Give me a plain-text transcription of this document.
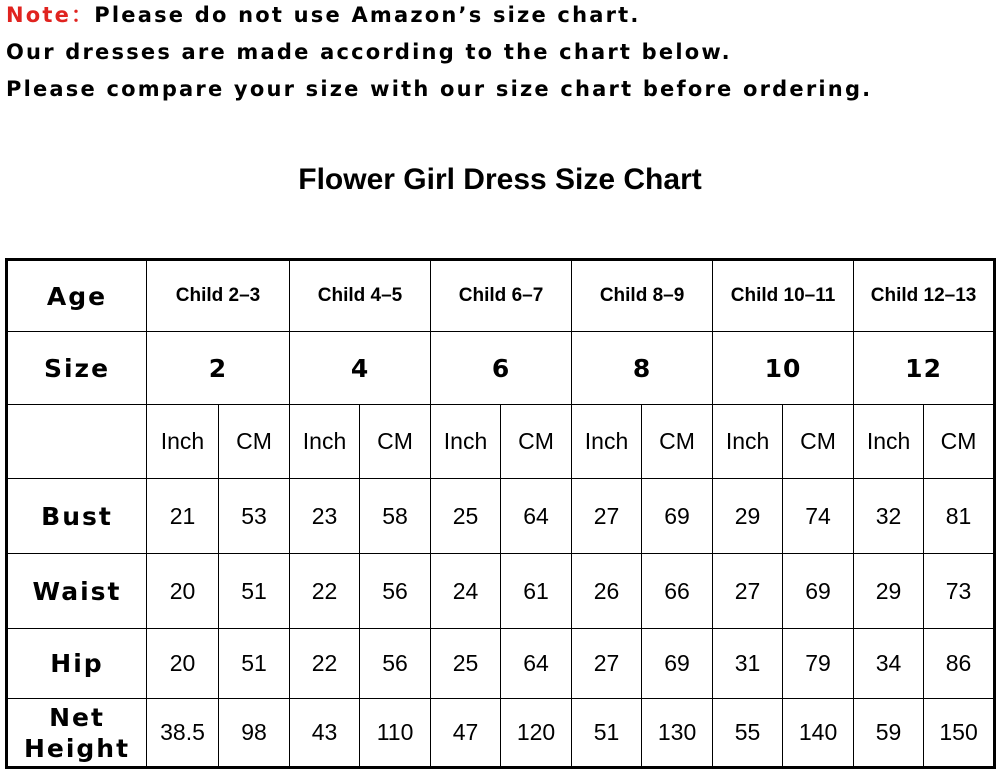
Note：Please do not use Amazon’s size chart.
Our dresses are made according to the chart below.
Please compare your size with our size chart before ordering.
Flower Girl Dress Size Chart
Age	Child 2–3		Child 4–5		Child 6–7		Child 8–9		Child 10–11		Child 12–13	
Size	2		4		6		8		10		12	
	Inch	CM	Inch	CM	Inch	CM	Inch	CM	Inch	CM	Inch	CM
Bust	21	53	23	58	25	64	27	69	29	74	32	81
Waist	20	51	22	56	24	61	26	66	27	69	29	73
Hip	20	51	22	56	25	64	27	69	31	79	34	86
Net
Height	38.5	98	43	110	47	120	51	130	55	140	59	150
